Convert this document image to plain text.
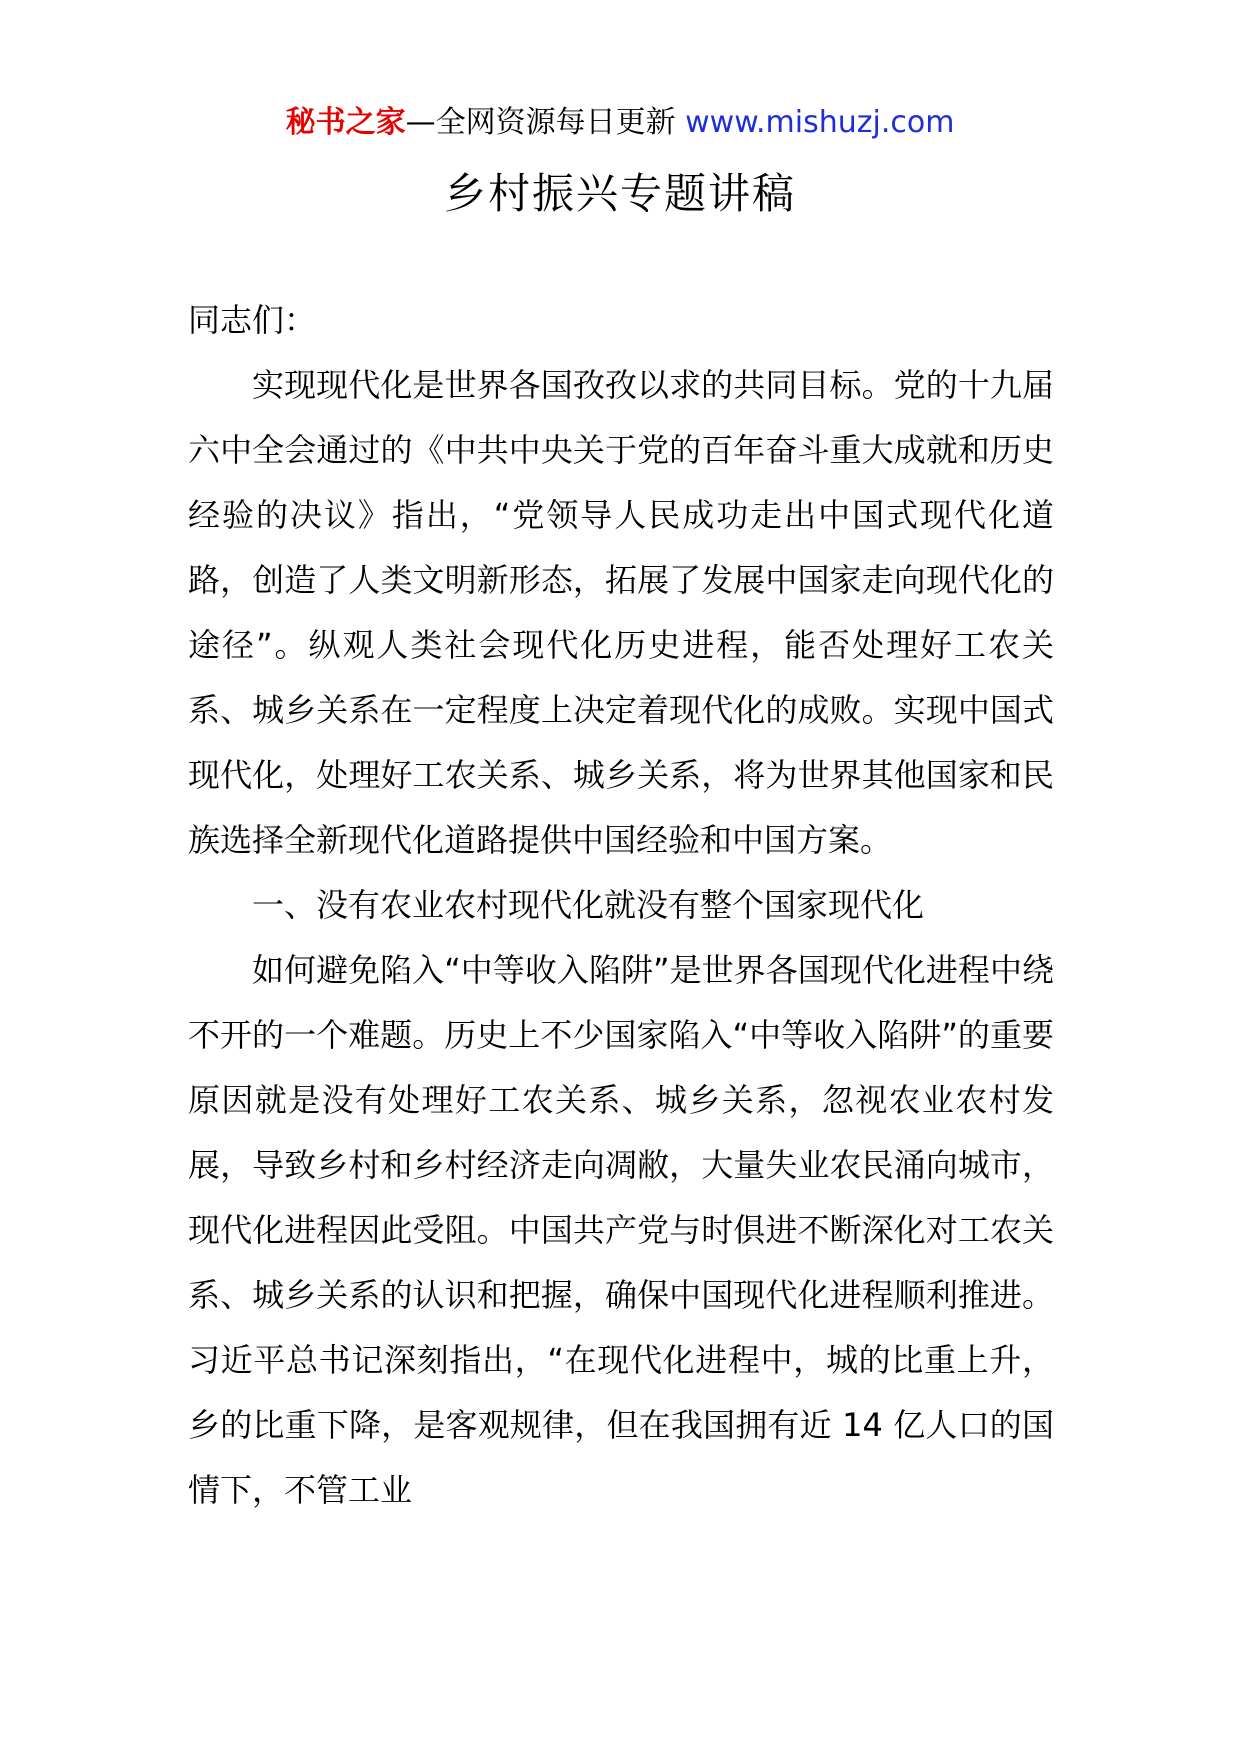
秘书之家—全网资源每日更新 www.mishuzj.com
乡村振兴专题讲稿

同志们：

实现现代化是世界各国孜孜以求的共同目标。党的十九届六中全会通过的《中共中央关于党的百年奋斗重大成就和历史经验的决议》指出，“党领导人民成功走出中国式现代化道路，创造了人类文明新形态，拓展了发展中国家走向现代化的途径”。纵观人类社会现代化历史进程，能否处理好工农关系、城乡关系在一定程度上决定着现代化的成败。实现中国式现代化，处理好工农关系、城乡关系，将为世界其他国家和民族选择全新现代化道路提供中国经验和中国方案。

一、没有农业农村现代化就没有整个国家现代化

如何避免陷入“中等收入陷阱”是世界各国现代化进程中绕不开的一个难题。历史上不少国家陷入“中等收入陷阱”的重要原因就是没有处理好工农关系、城乡关系，忽视农业农村发展，导致乡村和乡村经济走向凋敝，大量失业农民涌向城市，现代化进程因此受阻。中国共产党与时俱进不断深化对工农关系、城乡关系的认识和把握，确保中国现代化进程顺利推进。习近平总书记深刻指出，“在现代化进程中，城的比重上升，乡的比重下降，是客观规律，但在我国拥有近 14 亿人口的国情下，不管工业
